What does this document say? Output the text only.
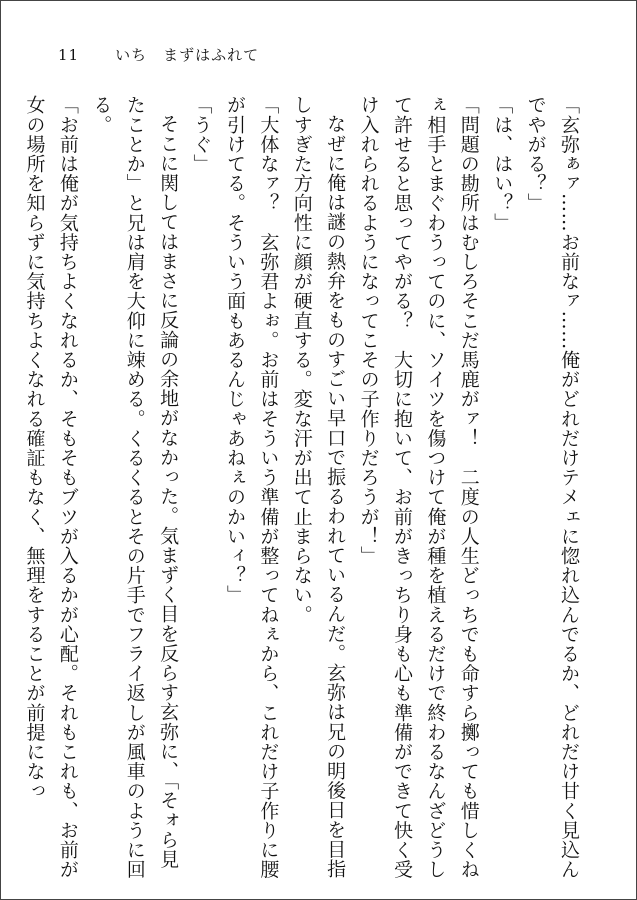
11 いち　まずはふれて

「玄弥ぁァ……お前なァ……俺がどれだけテメェに惚れ込んでるか、どれだけ甘く見込んでやがる？」

「は、はい？」

「問題の勘所はむしろそこだ馬鹿がァ！　二度の人生どっちでも命すら擲っても惜しくねぇ相手とまぐわうってのに、ソイツを傷つけて俺が種を植えるだけで終わるなんざどうして許せると思ってやがる？　大切に抱いて、お前がきっちり身も心も準備ができて快く受け入れられるようになってこその子作りだろうが！」

なぜに俺は謎の熱弁をものすごい早口で振るわれているんだ。玄弥は兄の明後日を目指しすぎた方向性に顔が硬直する。変な汗が出て止まらない。

「大体なァ？　玄弥君よぉ。お前はそういう準備が整ってねぇから、これだけ子作りに腰が引けてる。そういう面もあるんじゃあねぇのかいィ？」

「うぐ」

そこに関してはまさに反論の余地がなかった。気まずく目を反らす玄弥に、「そォら見たことか」と兄は肩を大仰に竦める。くるくるとその片手でフライ返しが風車のように回る。

「お前は俺が気持ちよくなれるか、そもそもブツが入るかが心配。それもこれも、お前が女の場所を知らずに気持ちよくなれる確証もなく、無理をすることが前提になっ
